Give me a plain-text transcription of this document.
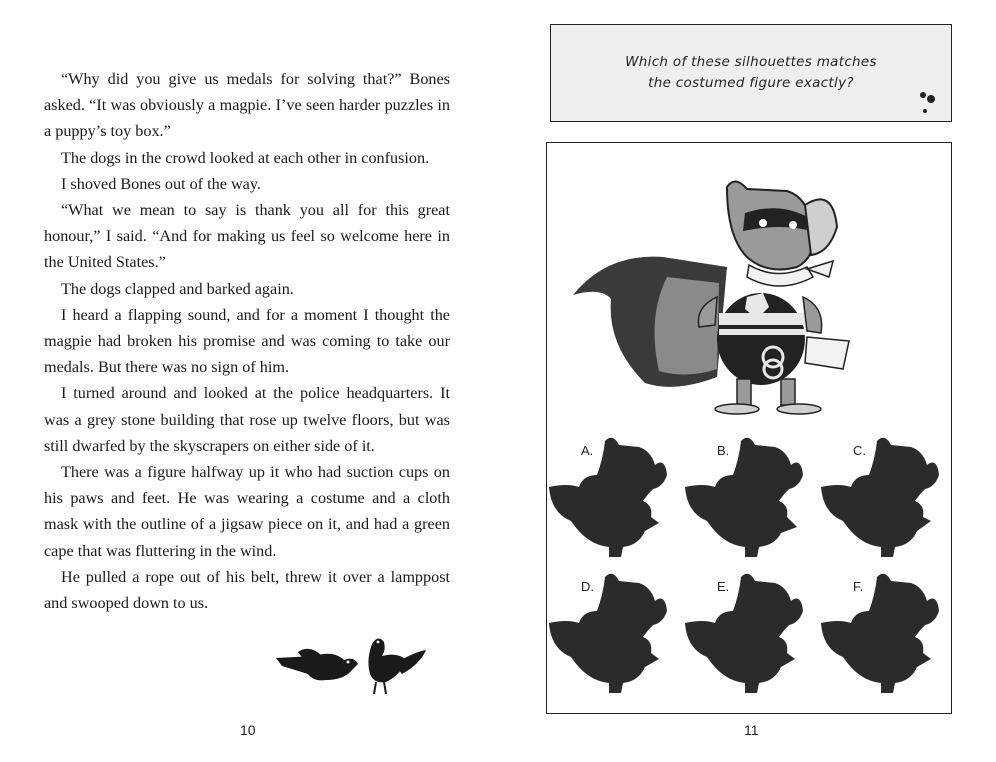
“Why did you give us medals for solving that?” Bones asked. “It was obviously a magpie. I’ve seen harder puzzles in a puppy’s toy box.”

The dogs in the crowd looked at each other in confusion.

I shoved Bones out of the way.

“What we mean to say is thank you all for this great honour,” I said. “And for making us feel so welcome here in the United States.”

The dogs clapped and barked again.

I heard a flapping sound, and for a moment I thought the magpie had broken his promise and was coming to take our medals. But there was no sign of him.

I turned around and looked at the police headquarters. It was a grey stone building that rose up twelve floors, but was still dwarfed by the skyscrapers on either side of it.

There was a figure halfway up it who had suction cups on his paws and feet. He was wearing a costume and a cloth mask with the outline of a jigsaw piece on it, and had a green cape that was fluttering in the wind.

He pulled a rope out of his belt, threw it over a lamppost and swooped down to us.

10
Which of these silhouettes matches
the costumed figure exactly?
A.	B.	C.
D.	E.	F.
11
